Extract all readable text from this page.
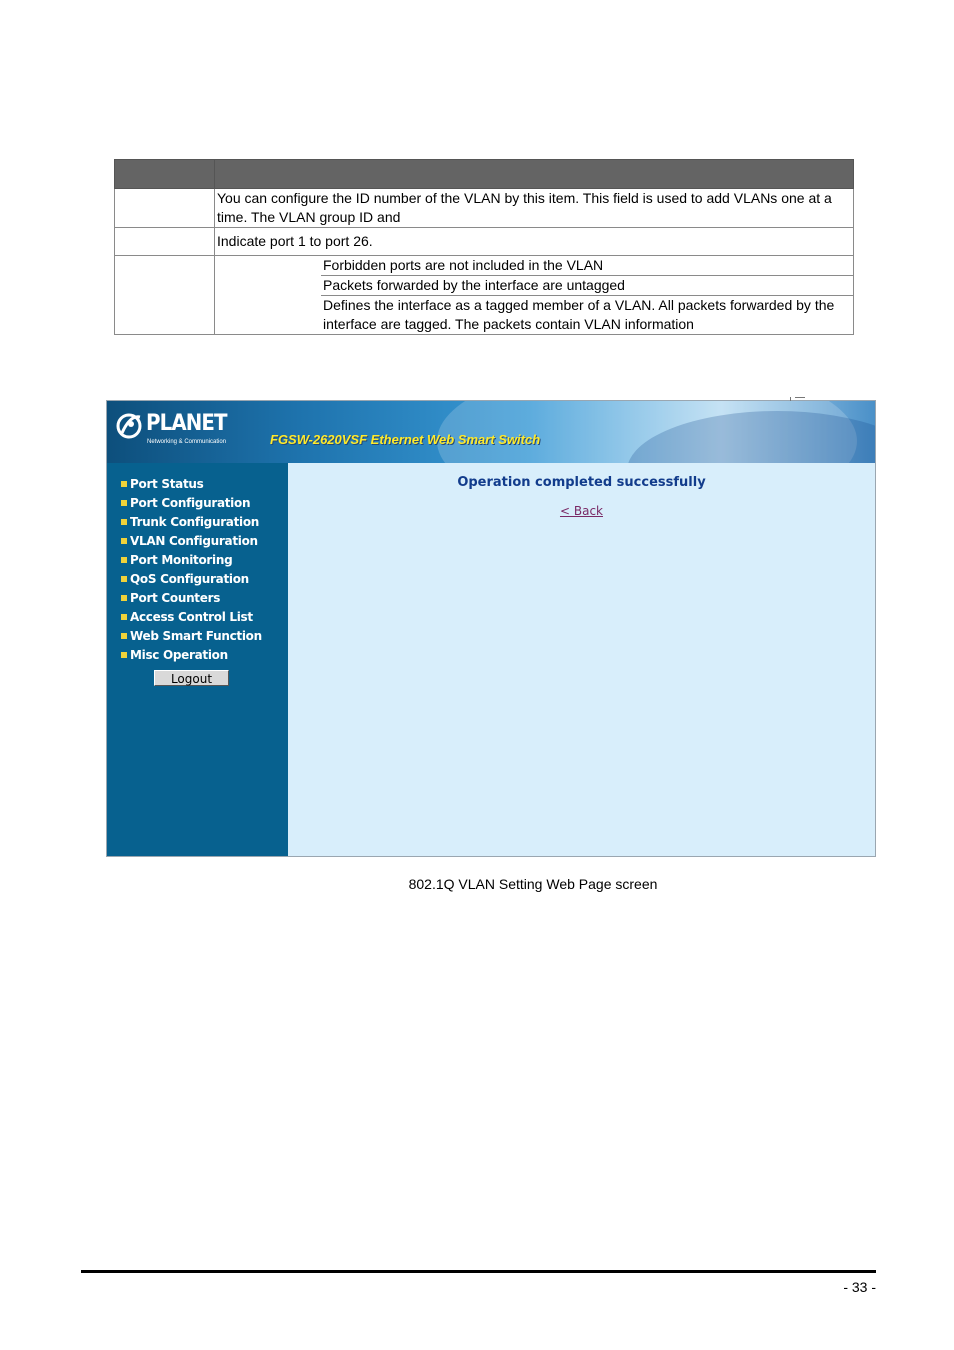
	You can configure the ID number of the VLAN by this item. This field is used to add VLANs one at a time. The VLAN group ID and
	Indicate port 1 to port 26.

	Forbidden ports are not included in the VLAN
	Packets forwarded by the interface are untagged
	Defines the interface as a tagged member of a VLAN. All packets forwarded by the interface are tagged. The packets contain VLAN information
PLANET
Networking & Communication	FGSW-2620VSF Ethernet Web Smart Switch
Port Status
Port Configuration
Trunk Configuration
VLAN Configuration
Port Monitoring
QoS Configuration
Port Counters
Access Control List
Web Smart Function
Misc Operation
Logout
Operation completed successfully
< Back
802.1Q VLAN Setting Web Page screen
- 33 -
